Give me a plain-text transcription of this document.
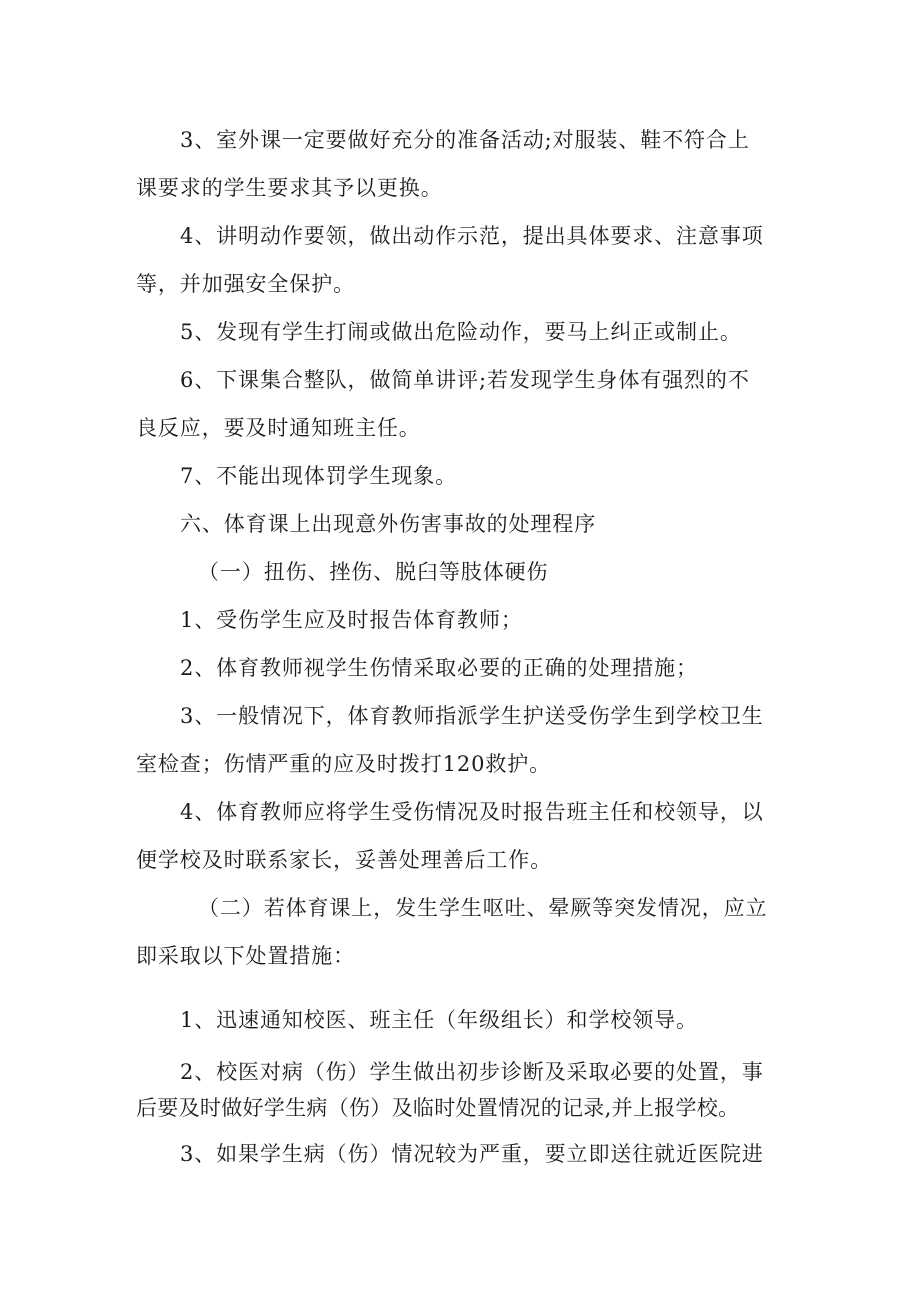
3、室外课一定要做好充分的准备活动;对服装、鞋不符合上

课要求的学生要求其予以更换。

4、讲明动作要领，做出动作示范，提出具体要求、注意事项

等，并加强安全保护。

5、发现有学生打闹或做出危险动作，要马上纠正或制止。

6、下课集合整队，做简单讲评;若发现学生身体有强烈的不

良反应，要及时通知班主任。

7、不能出现体罚学生现象。

六、体育课上出现意外伤害事故的处理程序

（一）扭伤、挫伤、脱臼等肢体硬伤

1、受伤学生应及时报告体育教师；

2、体育教师视学生伤情采取必要的正确的处理措施；

3、一般情况下，体育教师指派学生护送受伤学生到学校卫生

室检查；伤情严重的应及时拨打120救护。

4、体育教师应将学生受伤情况及时报告班主任和校领导，以

便学校及时联系家长，妥善处理善后工作。

（二）若体育课上，发生学生呕吐、晕厥等突发情况，应立

即采取以下处置措施：

1、迅速通知校医、班主任（年级组长）和学校领导。

2、校医对病（伤）学生做出初步诊断及采取必要的处置，事

后要及时做好学生病（伤）及临时处置情况的记录,并上报学校。

3、如果学生病（伤）情况较为严重，要立即送往就近医院进
